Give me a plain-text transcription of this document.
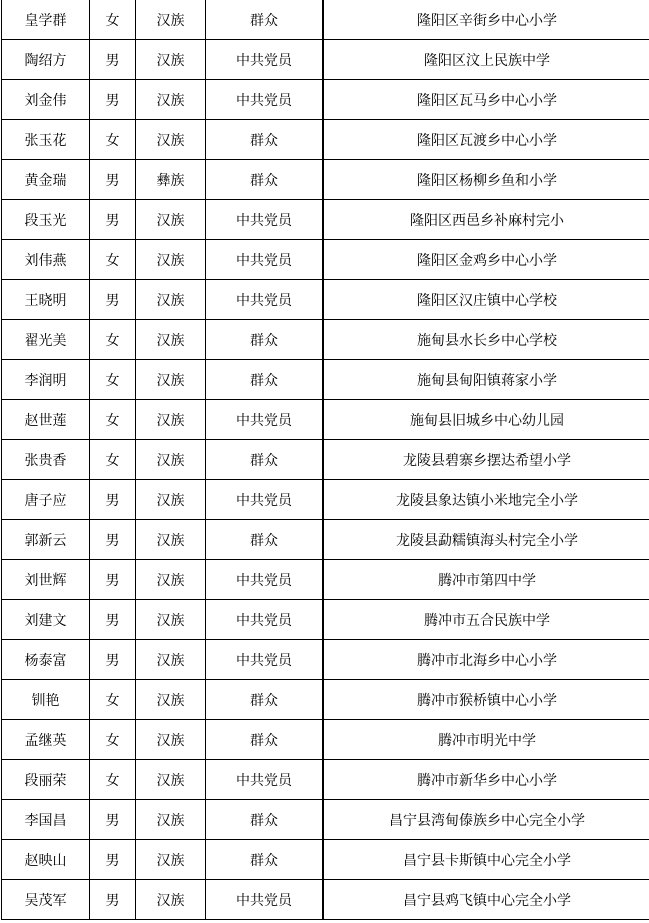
皇学群	女	汉族	群众	隆阳区辛街乡中心小学
陶绍方	男	汉族	中共党员	隆阳区汶上民族中学
刘金伟	男	汉族	中共党员	隆阳区瓦马乡中心小学
张玉花	女	汉族	群众	隆阳区瓦渡乡中心小学
黄金瑞	男	彝族	群众	隆阳区杨柳乡鱼和小学
段玉光	男	汉族	中共党员	隆阳区西邑乡补麻村完小
刘伟燕	女	汉族	中共党员	隆阳区金鸡乡中心小学
王晓明	男	汉族	中共党员	隆阳区汉庄镇中心学校
翟光美	女	汉族	群众	施甸县水长乡中心学校
李润明	女	汉族	群众	施甸县甸阳镇蒋家小学
赵世莲	女	汉族	中共党员	施甸县旧城乡中心幼儿园
张贵香	女	汉族	群众	龙陵县碧寨乡摆达希望小学
唐子应	男	汉族	中共党员	龙陵县象达镇小米地完全小学
郭新云	男	汉族	群众	龙陵县勐糯镇海头村完全小学
刘世辉	男	汉族	中共党员	腾冲市第四中学
刘建文	男	汉族	中共党员	腾冲市五合民族中学
杨泰富	男	汉族	中共党员	腾冲市北海乡中心小学
钏艳	女	汉族	群众	腾冲市猴桥镇中心小学
孟继英	女	汉族	群众	腾冲市明光中学
段丽荣	女	汉族	中共党员	腾冲市新华乡中心小学
李国昌	男	汉族	群众	昌宁县湾甸傣族乡中心完全小学
赵映山	男	汉族	群众	昌宁县卡斯镇中心完全小学
吴茂军	男	汉族	中共党员	昌宁县鸡飞镇中心完全小学
